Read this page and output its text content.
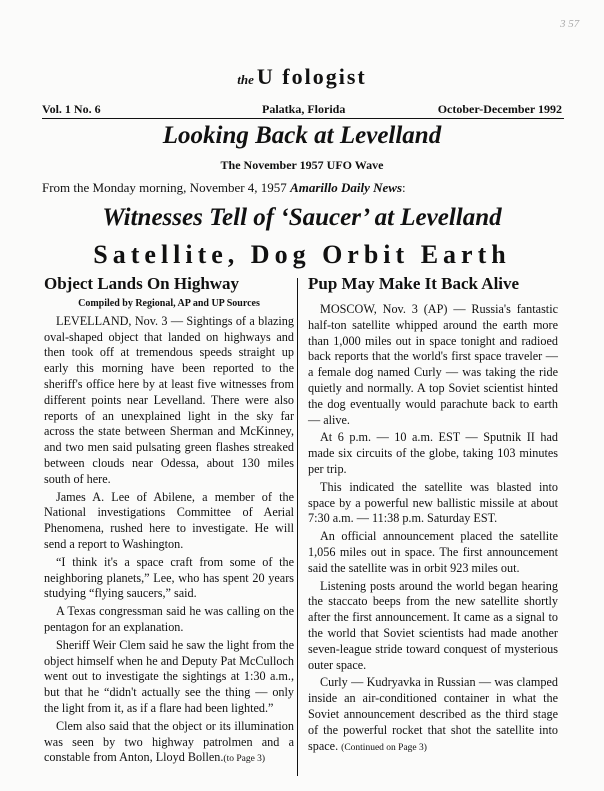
3 57
the U fologist
Vol. 1 No. 6	Palatka, Florida	October-December 1992
Looking Back at Levelland
The November 1957 UFO Wave
From the Monday morning, November 4, 1957 Amarillo Daily News:
Witnesses Tell of ‘Saucer’ at Levelland
Satellite, Dog Orbit Earth
Object Lands On Highway
Compiled by Regional, AP and UP Sources

LEVELLAND, Nov. 3 — Sightings of a blazing oval-shaped object that landed on highways and then took off at tremendous speeds straight up early this morning have been reported to the sheriff's office here by at least five witnesses from different points near Levelland. There were also reports of an unexplained light in the sky far across the state between Sherman and McKinney, and two men said pulsating green flashes streaked between clouds near Odessa, about 130 miles south of here.

James A. Lee of Abilene, a member of the National investigations Committee of Aerial Phenomena, rushed here to investigate. He will send a report to Washington.

“I think it's a space craft from some of the neighboring planets,” Lee, who has spent 20 years studying “flying saucers,” said.

A Texas congressman said he was calling on the pentagon for an explanation.

Sheriff Weir Clem said he saw the light from the object himself when he and Deputy Pat McCulloch went out to investigate the sightings at 1:30 a.m., but that he “didn't actually see the thing — only the light from it, as if a flare had been lighted.”

Clem also said that the object or its illumination was seen by two highway patrolmen and a constable from Anton, Lloyd Bollen.(to Page 3)

Pup May Make It Back Alive

MOSCOW, Nov. 3 (AP) — Russia's fantastic half-ton satellite whipped around the earth more than 1,000 miles out in space tonight and radioed back reports that the world's first space traveler — a female dog named Curly — was taking the ride quietly and normally. A top Soviet scientist hinted the dog eventually would parachute back to earth — alive.

At 6 p.m. — 10 a.m. EST — Sputnik II had made six circuits of the globe, taking 103 minutes per trip.

This indicated the satellite was blasted into space by a powerful new ballistic missile at about 7:30 a.m. — 11:38 p.m. Saturday EST.

An official announcement placed the satellite 1,056 miles out in space. The first announcement said the satellite was in orbit 923 miles out.

Listening posts around the world began hearing the staccato beeps from the new satellite shortly after the first announcement. It came as a signal to the world that Soviet scientists had made another seven-league stride toward conquest of mysterious outer space.

Curly — Kudryavka in Russian — was clamped inside an air-conditioned container in what the Soviet announcement described as the third stage of the powerful rocket that shot the satellite into space. (Continued on Page 3)
